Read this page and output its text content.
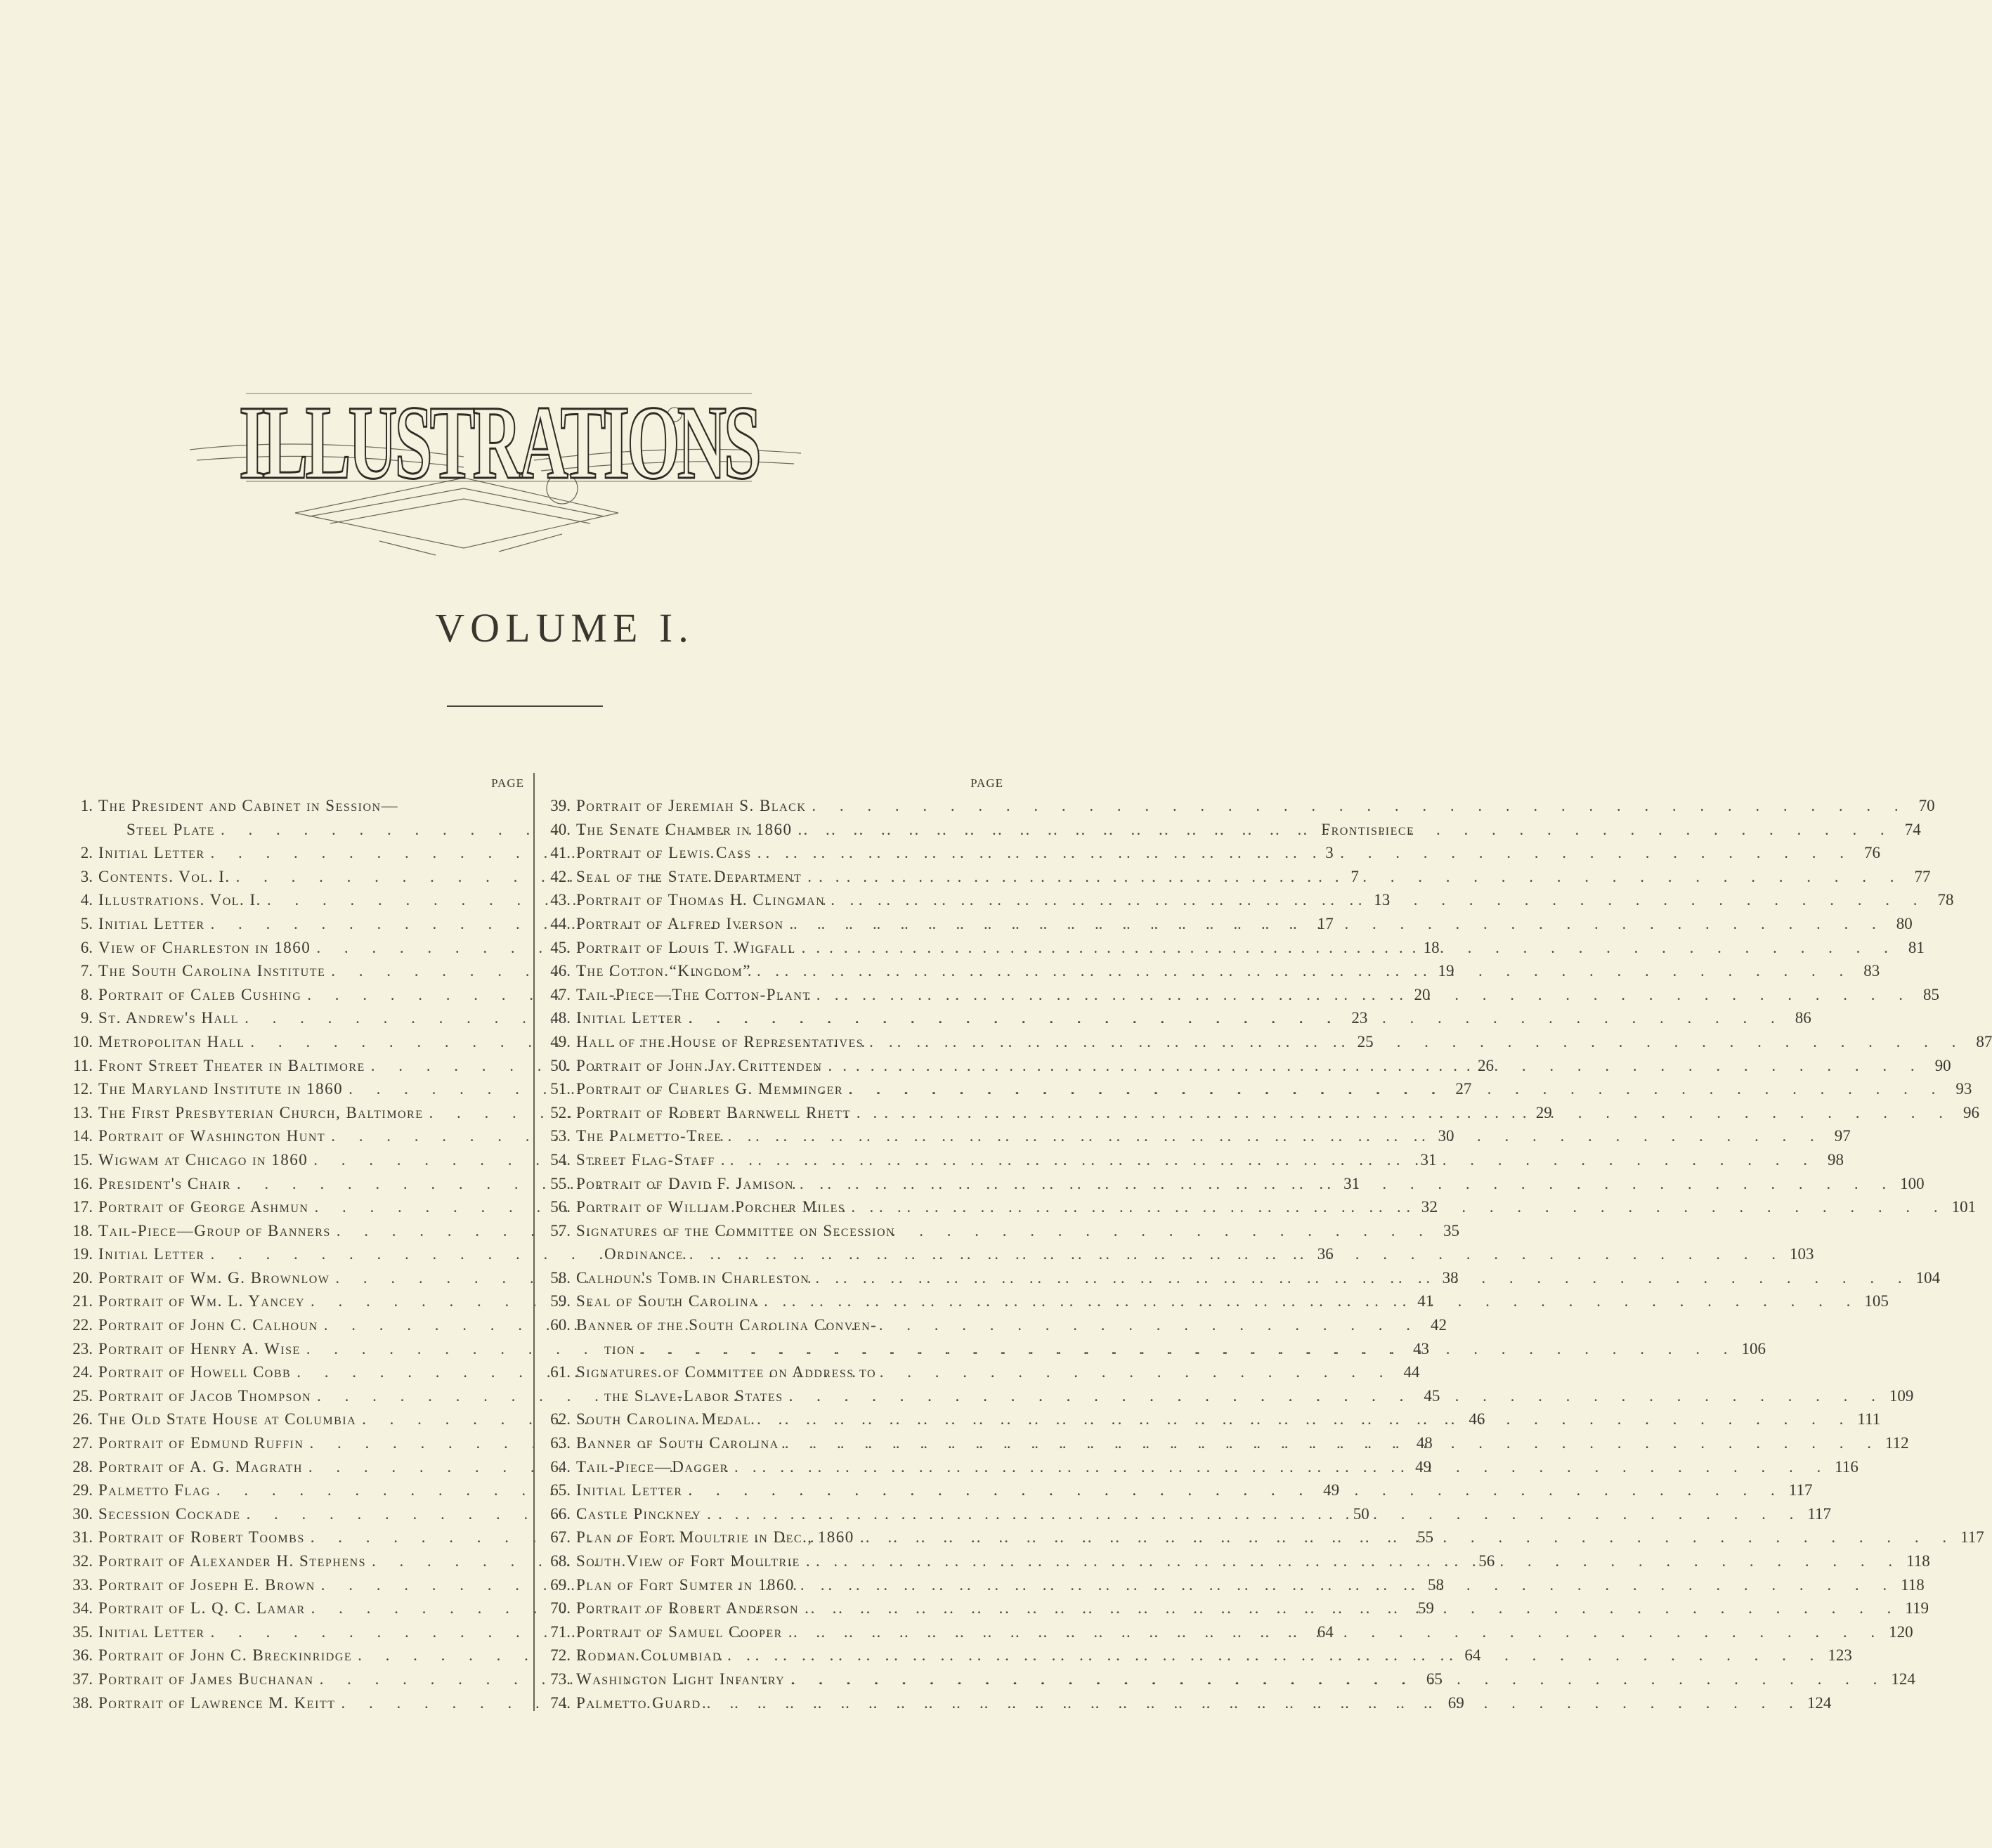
ILLUSTRATIONS
VOLUME I.
PAGE
1. The President and Cabinet in Session—
Steel Plate . . .	Frontispiece
2. Initial Letter . . .	3
3. Contents. Vol. I. . . .	7
4. Illustrations. Vol. I. . . .	13
5. Initial Letter . . .	17
6. View of Charleston in 1860 . . .	18
7. The South Carolina Institute . . .	19
8. Portrait of Caleb Cushing . . .	20
9. St. Andrew's Hall . . .	23
10. Metropolitan Hall . . .	25
11. Front Street Theater in Baltimore . . .	26
12. The Maryland Institute in 1860 . . .	27
13. The First Presbyterian Church, Baltimore . . .	29
14. Portrait of Washington Hunt . . .	30
15. Wigwam at Chicago in 1860 . . .	31
16. President's Chair . . .	31
17. Portrait of George Ashmun . . .	32
18. Tail-Piece—Group of Banners . . .	35
19. Initial Letter . . .	36
20. Portrait of Wm. G. Brownlow . . .	38
21. Portrait of Wm. L. Yancey . . .	41
22. Portrait of John C. Calhoun . . .	42
23. Portrait of Henry A. Wise . . .	43
24. Portrait of Howell Cobb . . .	44
25. Portrait of Jacob Thompson . . .	45
26. The Old State House at Columbia . . .	46
27. Portrait of Edmund Ruffin . . .	48
28. Portrait of A. G. Magrath . . .	49
29. Palmetto Flag . . .	49
30. Secession Cockade . . .	50
31. Portrait of Robert Toombs . . .	55
32. Portrait of Alexander H. Stephens . . .	56
33. Portrait of Joseph E. Brown . . .	58
34. Portrait of L. Q. C. Lamar . . .	59
35. Initial Letter . . .	64
36. Portrait of John C. Breckinridge . . .	64
37. Portrait of James Buchanan . . .	65
38. Portrait of Lawrence M. Keitt . . .	69
PAGE
39. Portrait of Jeremiah S. Black . . .	70
40. The Senate Chamber in 1860 . . .	74
41. Portrait of Lewis Cass . . .	76
42. Seal of the State Department . . .	77
43. Portrait of Thomas H. Clingman . . .	78
44. Portrait of Alfred Iverson . . .	80
45. Portrait of Louis T. Wigfall . . .	81
46. The Cotton “Kingdom” . . .	83
47. Tail-Piece—The Cotton-Plant . . .	85
48. Initial Letter . . .	86
49. Hall of the House of Representatives . . .	87
50. Portrait of John Jay Crittenden . . .	90
51. Portrait of Charles G. Memminger . . .	93
52. Portrait of Robert Barnwell Rhett . . .	96
53. The Palmetto-Tree . . .	97
54. Street Flag-Staff . . .	98
55. Portrait of David F. Jamison . . .	100
56. Portrait of William Porcher Miles . . .	101
57. Signatures of the Committee on Secession
Ordinance . . .	103
58. Calhoun's Tomb in Charleston . . .	104
59. Seal of South Carolina . . .	105
60. Banner of the South Carolina Conven-
tion . . .	106
61. Signatures of Committee on Address to
the Slave-Labor States . . .	109
62. South Carolina Medal . . .	111
63. Banner of South Carolina . . .	112
64. Tail-Piece—Dagger . . .	116
65. Initial Letter . . .	117
66. Castle Pinckney . . .	117
67. Plan of Fort Moultrie in Dec., 1860 . . .	117
68. South View of Fort Moultrie . . .	118
69. Plan of Fort Sumter in 1860 . . .	118
70. Portrait of Robert Anderson . . .	119
71. Portrait of Samuel Cooper . . .	120
72. Rodman Columbiad . . .	123
73. Washington Light Infantry . . .	124
74. Palmetto Guard . . .	124
